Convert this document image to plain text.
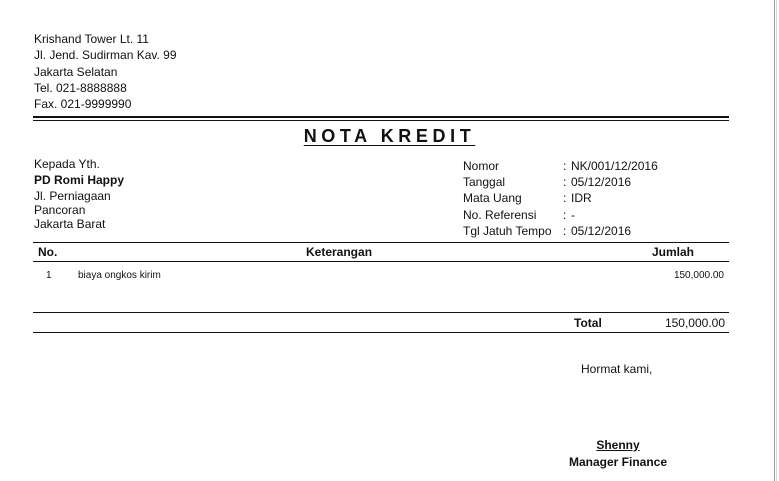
Krishand Tower Lt. 11
Jl. Jend. Sudirman Kav. 99
Jakarta Selatan
Tel. 021-8888888
Fax. 021-9999990
NOTA KREDIT
Kepada Yth.
PD Romi Happy
Jl. Perniagaan
Pancoran
Jakarta Barat
Nomor	: NK/001/12/2016
Tanggal	: 05/12/2016
Mata Uang	: IDR
No. Referensi : -
Tgl Jatuh Tempo : 05/12/2016
No.	Keterangan	Jumlah
1	biaya ongkos kirim	150,000.00
Total	150,000.00
Hormat kami,
Shenny
Manager Finance
